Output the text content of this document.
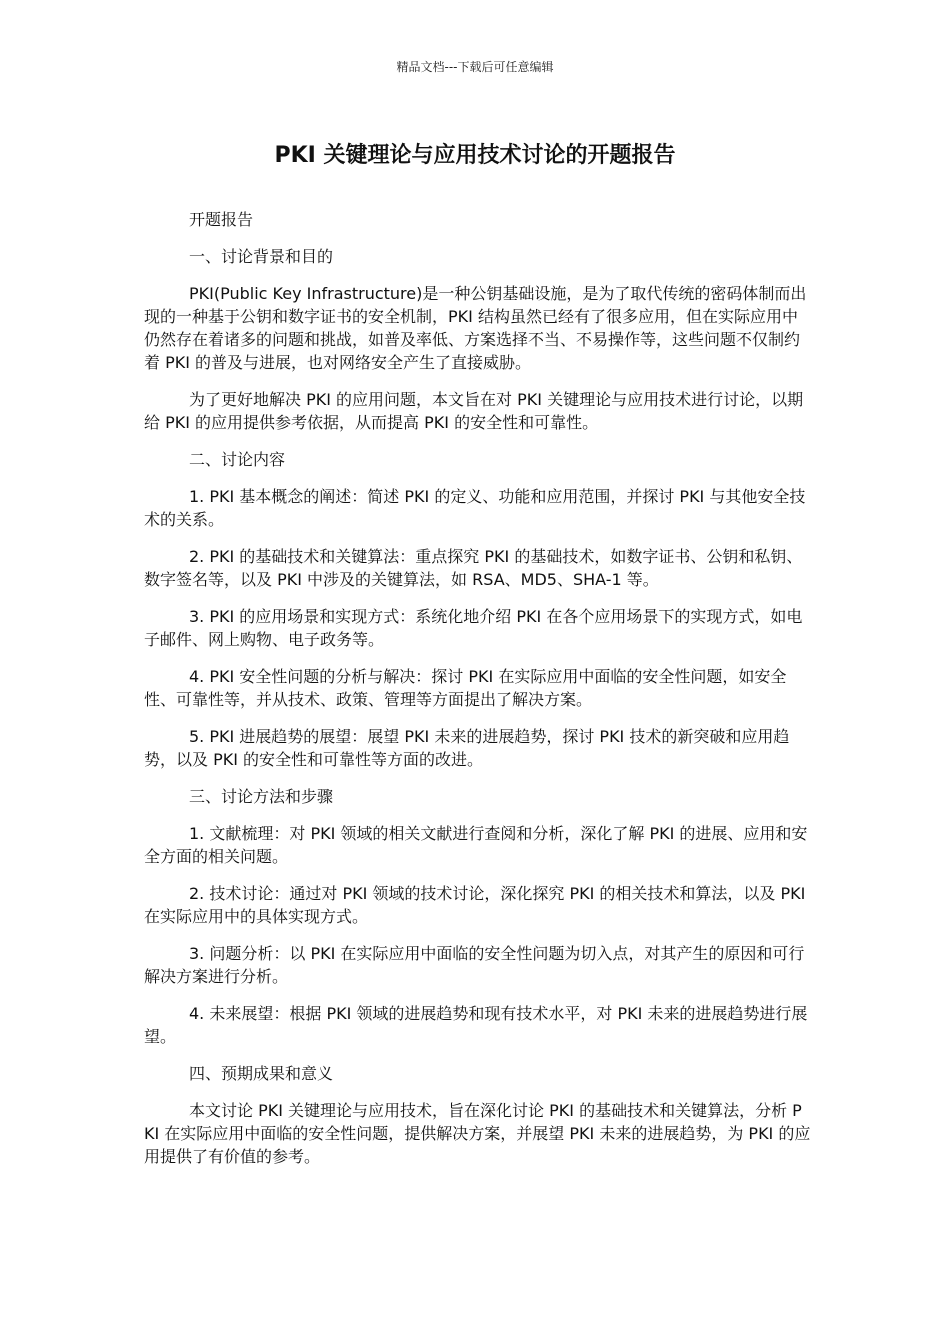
精品文档---下载后可任意编辑
PKI 关键理论与应用技术讨论的开题报告
开题报告
一、讨论背景和目的
PKI(Public Key Infrastructure)是一种公钥基础设施，是为了取代传统的密码体制而出现的一种基于公钥和数字证书的安全机制，PKI 结构虽然已经有了很多应用，但在实际应用中仍然存在着诸多的问题和挑战，如普及率低、方案选择不当、不易操作等，这些问题不仅制约着 PKI 的普及与进展，也对网络安全产生了直接威胁。
为了更好地解决 PKI 的应用问题，本文旨在对 PKI 关键理论与应用技术进行讨论，以期给 PKI 的应用提供参考依据，从而提高 PKI 的安全性和可靠性。
二、讨论内容
1. PKI 基本概念的阐述：简述 PKI 的定义、功能和应用范围，并探讨 PKI 与其他安全技术的关系。
2. PKI 的基础技术和关键算法：重点探究 PKI 的基础技术，如数字证书、公钥和私钥、数字签名等，以及 PKI 中涉及的关键算法，如 RSA、MD5、SHA-1 等。
3. PKI 的应用场景和实现方式：系统化地介绍 PKI 在各个应用场景下的实现方式，如电子邮件、网上购物、电子政务等。
4. PKI 安全性问题的分析与解决：探讨 PKI 在实际应用中面临的安全性问题，如安全性、可靠性等，并从技术、政策、管理等方面提出了解决方案。
5. PKI 进展趋势的展望：展望 PKI 未来的进展趋势，探讨 PKI 技术的新突破和应用趋势，以及 PKI 的安全性和可靠性等方面的改进。
三、讨论方法和步骤
1. 文献梳理：对 PKI 领域的相关文献进行查阅和分析，深化了解 PKI 的进展、应用和安全方面的相关问题。
2. 技术讨论：通过对 PKI 领域的技术讨论，深化探究 PKI 的相关技术和算法，以及 PKI 在实际应用中的具体实现方式。
3. 问题分析：以 PKI 在实际应用中面临的安全性问题为切入点，对其产生的原因和可行解决方案进行分析。
4. 未来展望：根据 PKI 领域的进展趋势和现有技术水平，对 PKI 未来的进展趋势进行展望。
四、预期成果和意义
本文讨论 PKI 关键理论与应用技术，旨在深化讨论 PKI 的基础技术和关键算法，分析 PKI 在实际应用中面临的安全性问题，提供解决方案，并展望 PKI 未来的进展趋势，为 PKI 的应用提供了有价值的参考。
